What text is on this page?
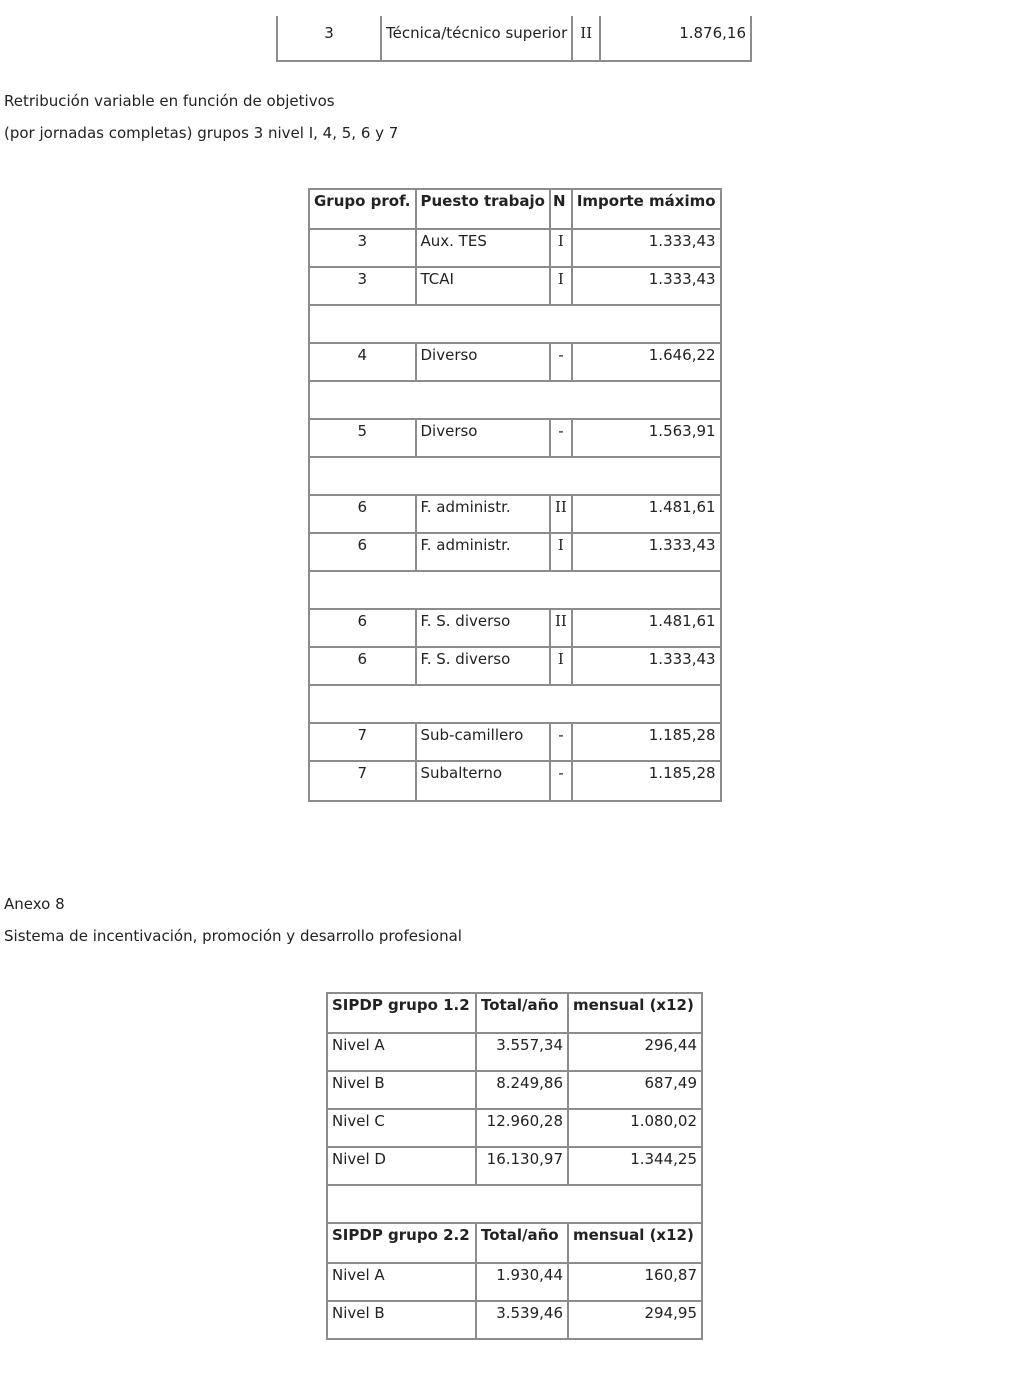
3	Técnica/técnico superior	II	1.876,16

Retribución variable en función de objetivos

(por jornadas completas) grupos 3 nivel I, 4, 5, 6 y 7

Grupo prof.	Puesto trabajo	N	Importe máximo
3	Aux. TES	I	1.333,43
3	TCAI	I	1.333,43

4	Diverso	-	1.646,22

5	Diverso	-	1.563,91

6	F. administr.	II	1.481,61
6	F. administr.	I	1.333,43

6	F. S. diverso	II	1.481,61
6	F. S. diverso	I	1.333,43

7	Sub-camillero	-	1.185,28
7	Subalterno	-	1.185,28

Anexo 8

Sistema de incentivación, promoción y desarrollo profesional

SIPDP grupo 1.2	Total/año	mensual (x12)
Nivel A	3.557,34	296,44
Nivel B	8.249,86	687,49
Nivel C	12.960,28	1.080,02
Nivel D	16.130,97	1.344,25

SIPDP grupo 2.2	Total/año	mensual (x12)
Nivel A	1.930,44	160,87
Nivel B	3.539,46	294,95
